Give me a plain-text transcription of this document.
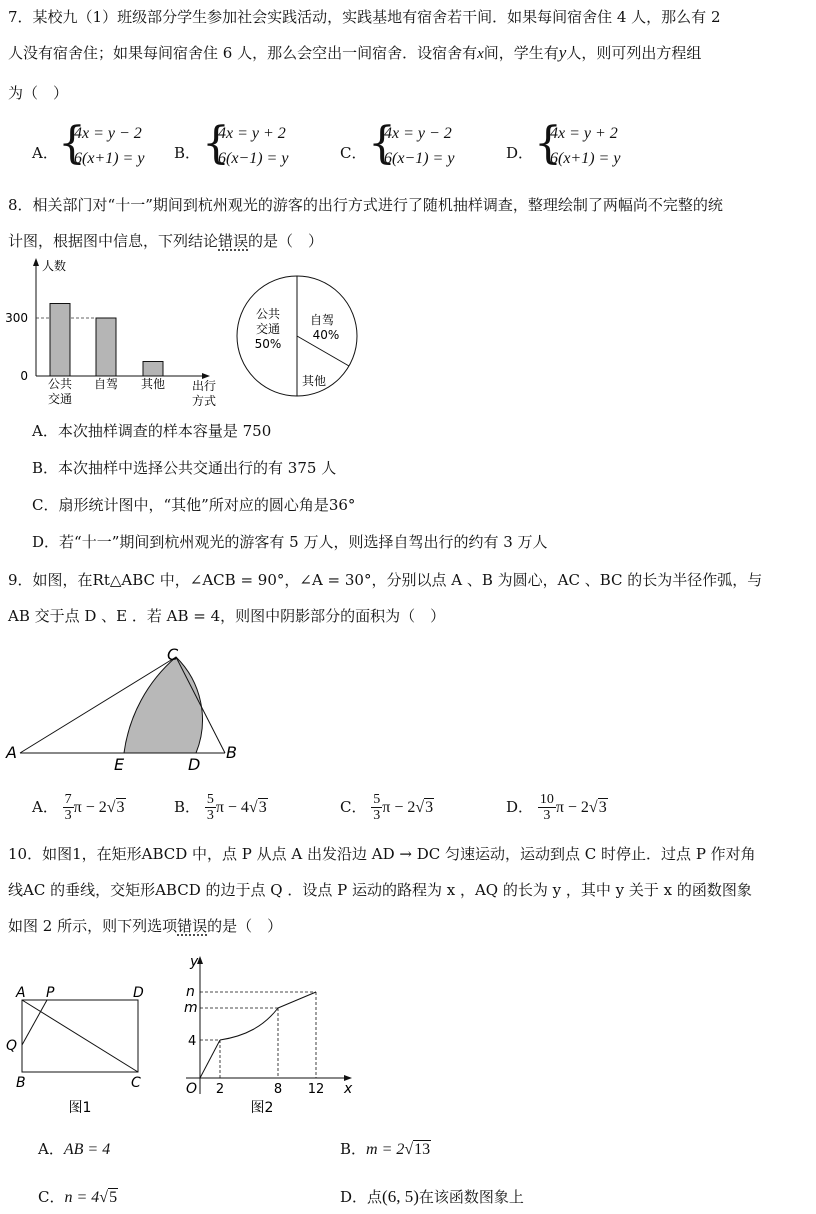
7．某校九（1）班级部分学生参加社会实践活动，实践基地有宿舍若干间．如果每间宿舍住 4 人，那么有 2
人没有宿舍住；如果每间宿舍住 6 人，那么会空出一间宿舍．设宿舍有x间，学生有y人，则可列出方程组
为（　）
A． {
4x = y − 2
6(x+1) = y B． {
4x = y + 2
6(x−1) = y	C． {
4x = y − 2
6(x−1) = y	D． {
4x = y + 2
6(x+1) = y
8．相关部门对“十一”期间到杭州观光的游客的出行方式进行了随机抽样调查，整理绘制了两幅尚不完整的统
计图，根据图中信息，下列结论错误的是（　）
人数
300
0
公共
交通
自驾 其他 出行
方式
公共
交通
50%
自驾
40%
其他
A．本次抽样调查的样本容量是 750
B．本次抽样中选择公共交通出行的有 375 人
C．扇形统计图中，“其他”所对应的圆心角是36°
D．若“十一”期间到杭州观光的游客有 5 万人，则选择自驾出行的约有 3 万人
9．如图，在Rt△ABC 中，∠ACB = 90°，∠A = 30°，分别以点 A 、B 为圆心，AC 、BC 的长为半径作弧，与
AB 交于点 D 、E ．若 AB = 4，则图中阴影部分的面积为（　）
A	B
C
D
E
A． $\frac{7}{3}$ π − 2√3	B． $\frac{5}{3}$ π − 4√3	C． $\frac{5}{3}$ π − 2√3	D． $\frac{10}{3}$ π − 2√3
10．如图1，在矩形ABCD 中，点 P 从点 A 出发沿边 AD → DC 匀速运动，运动到点 C 时停止．过点 P 作对角
线AC 的垂线，交矩形ABCD 的边于点 Q ．设点 P 运动的路程为 x ，AQ 的长为 y ，其中 y 关于 x 的函数图象
如图 2 所示，则下列选项错误的是（　）
A P	D
Q
B	C
图1
y
n
m
4
O 2	8 12 x
图2
A．AB = 4	B．m = 2√13
C．n = 4√5	D．点(6, 5)在该函数图象上
